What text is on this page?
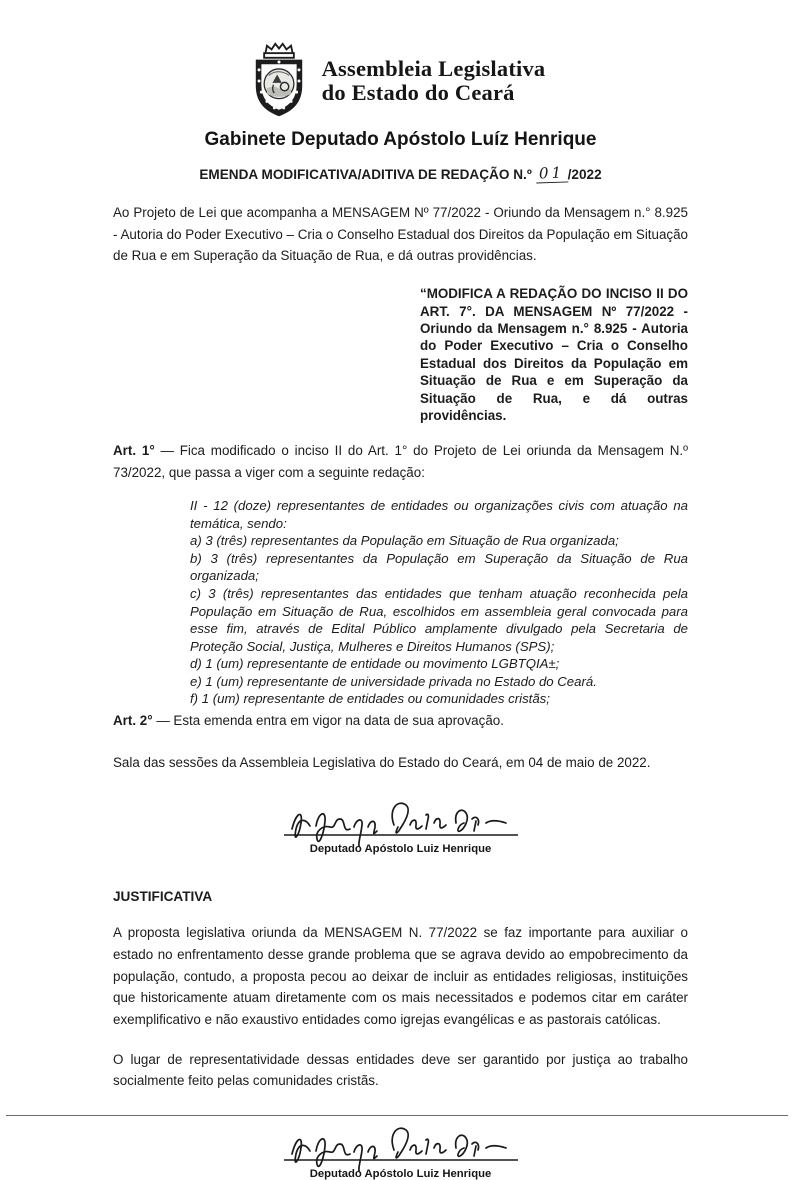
Assembleia Legislativa
do Estado do Ceará
Gabinete Deputado Apóstolo Luíz Henrique
EMENDA MODIFICATIVA/ADITIVA DE REDAÇÃO N.º 01 /2022

Ao Projeto de Lei que acompanha a MENSAGEM Nº 77/2022 - Oriundo da Mensagem n.° 8.925 - Autoria do Poder Executivo – Cria o Conselho Estadual dos Direitos da População em Situação de Rua e em Superação da Situação de Rua, e dá outras providências.

“MODIFICA A REDAÇÃO DO INCISO II DO ART. 7°. DA MENSAGEM Nº 77/2022 - Oriundo da Mensagem n.° 8.925 - Autoria do Poder Executivo – Cria o Conselho Estadual dos Direitos da População em Situação de Rua e em Superação da Situação de Rua, e dá outras providências.

Art. 1° — Fica modificado o inciso II do Art. 1° do Projeto de Lei oriunda da Mensagem N.º 73/2022, que passa a viger com a seguinte redação:

II - 12 (doze) representantes de entidades ou organizações civis com atuação na temática, sendo:
a) 3 (três) representantes da População em Situação de Rua organizada;
b) 3 (três) representantes da População em Superação da Situação de Rua organizada;
c) 3 (três) representantes das entidades que tenham atuação reconhecida pela População em Situação de Rua, escolhidos em assembleia geral convocada para esse fim, através de Edital Público amplamente divulgado pela Secretaria de Proteção Social, Justiça, Mulheres e Direitos Humanos (SPS);
d) 1 (um) representante de entidade ou movimento LGBTQIA±;
e) 1 (um) representante de universidade privada no Estado do Ceará.
f) 1 (um) representante de entidades ou comunidades cristãs;

Art. 2° — Esta emenda entra em vigor na data de sua aprovação.

Sala das sessões da Assembleia Legislativa do Estado do Ceará, em 04 de maio de 2022.

Deputado Apóstolo Luiz Henrique
JUSTIFICATIVA

A proposta legislativa oriunda da MENSAGEM N. 77/2022 se faz importante para auxiliar o estado no enfrentamento desse grande problema que se agrava devido ao empobrecimento da população, contudo, a proposta pecou ao deixar de incluir as entidades religiosas, instituições que historicamente atuam diretamente com os mais necessitados e podemos citar em caráter exemplificativo e não exaustivo entidades como igrejas evangélicas e as pastorais católicas.

O lugar de representatividade dessas entidades deve ser garantido por justiça ao trabalho socialmente feito pelas comunidades cristãs.

Deputado Apóstolo Luiz Henrique
